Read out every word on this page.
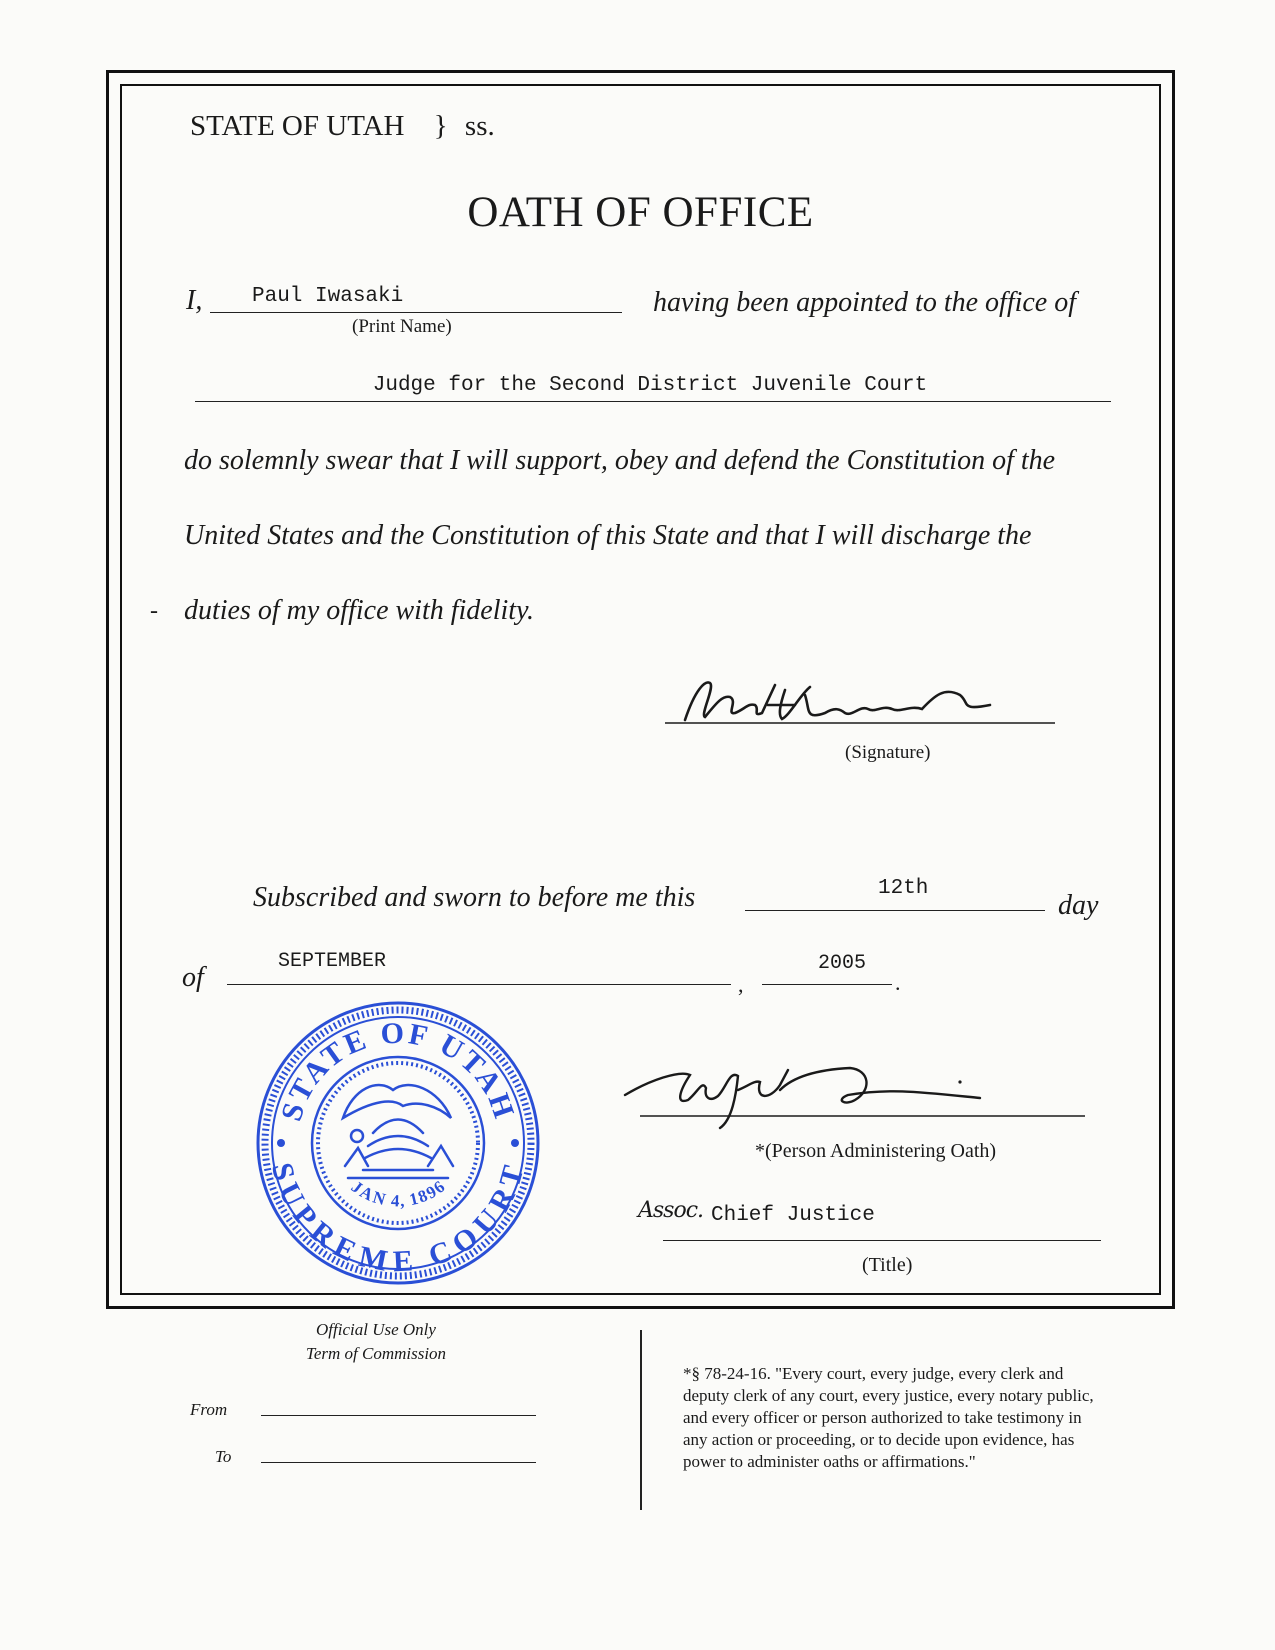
STATE OF UTAH } ss.
OATH OF OFFICE
I, Paul Iwasaki
(Print Name)
having been appointed to the office of
Judge for the Second District Juvenile Court
do solemnly swear that I will support, obey and defend the Constitution of the
United States and the Constitution of this State and that I will discharge the
- duties of my office with fidelity.
(Signature)
Subscribed and sworn to before me this	12th
day
of
SEPTEMBER
,
2005
.
STATE OF UTAH
SUPREME COURT
JAN 4, 1896
*(Person Administering Oath)
Assoc. Chief Justice
(Title)
Official Use Only
Term of Commission
From
To
*§ 78-24-16. "Every court, every judge, every clerk and
deputy clerk of any court, every justice, every notary public,
and every officer or person authorized to take testimony in
any action or proceeding, or to decide upon evidence, has
power to administer oaths or affirmations."
